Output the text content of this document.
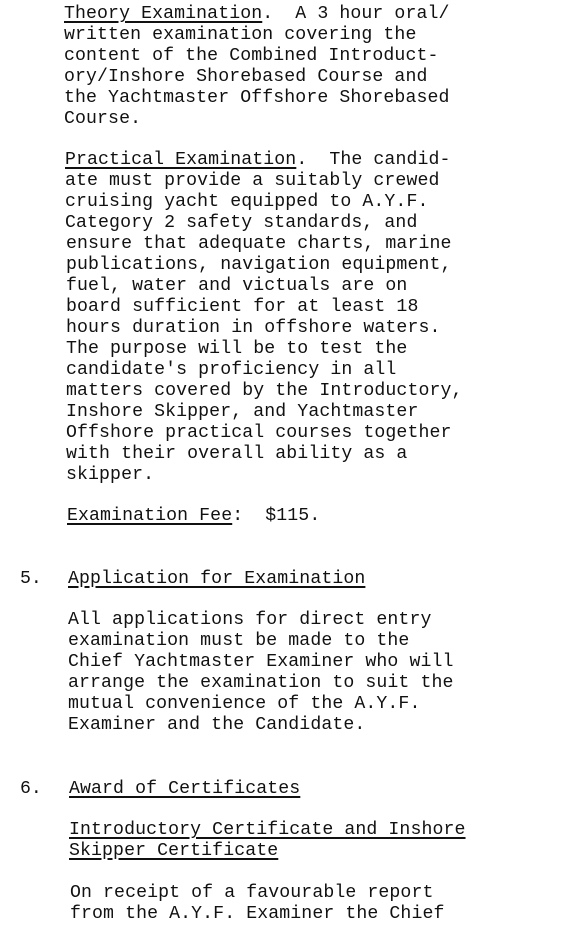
Theory Examination.  A 3 hour oral/
written examination covering the
content of the Combined Introduct-
ory/Inshore Shorebased Course and
the Yachtmaster Offshore Shorebased
Course.
Practical Examination.  The candid-
ate must provide a suitably crewed
cruising yacht equipped to A.Y.F.
Category 2 safety standards, and
ensure that adequate charts, marine
publications, navigation equipment,
fuel, water and victuals are on
board sufficient for at least 18
hours duration in offshore waters.
The purpose will be to test the
candidate's proficiency in all
matters covered by the Introductory,
Inshore Skipper, and Yachtmaster
Offshore practical courses together
with their overall ability as a
skipper.
Examination Fee: $115.
5. Application for Examination
All applications for direct entry
examination must be made to the
Chief Yachtmaster Examiner who will
arrange the examination to suit the
mutual convenience of the A.Y.F.
Examiner and the Candidate.
6. Award of Certificates
Introductory Certificate and Inshore
Skipper Certificate
On receipt of a favourable report
from the A.Y.F. Examiner the Chief
